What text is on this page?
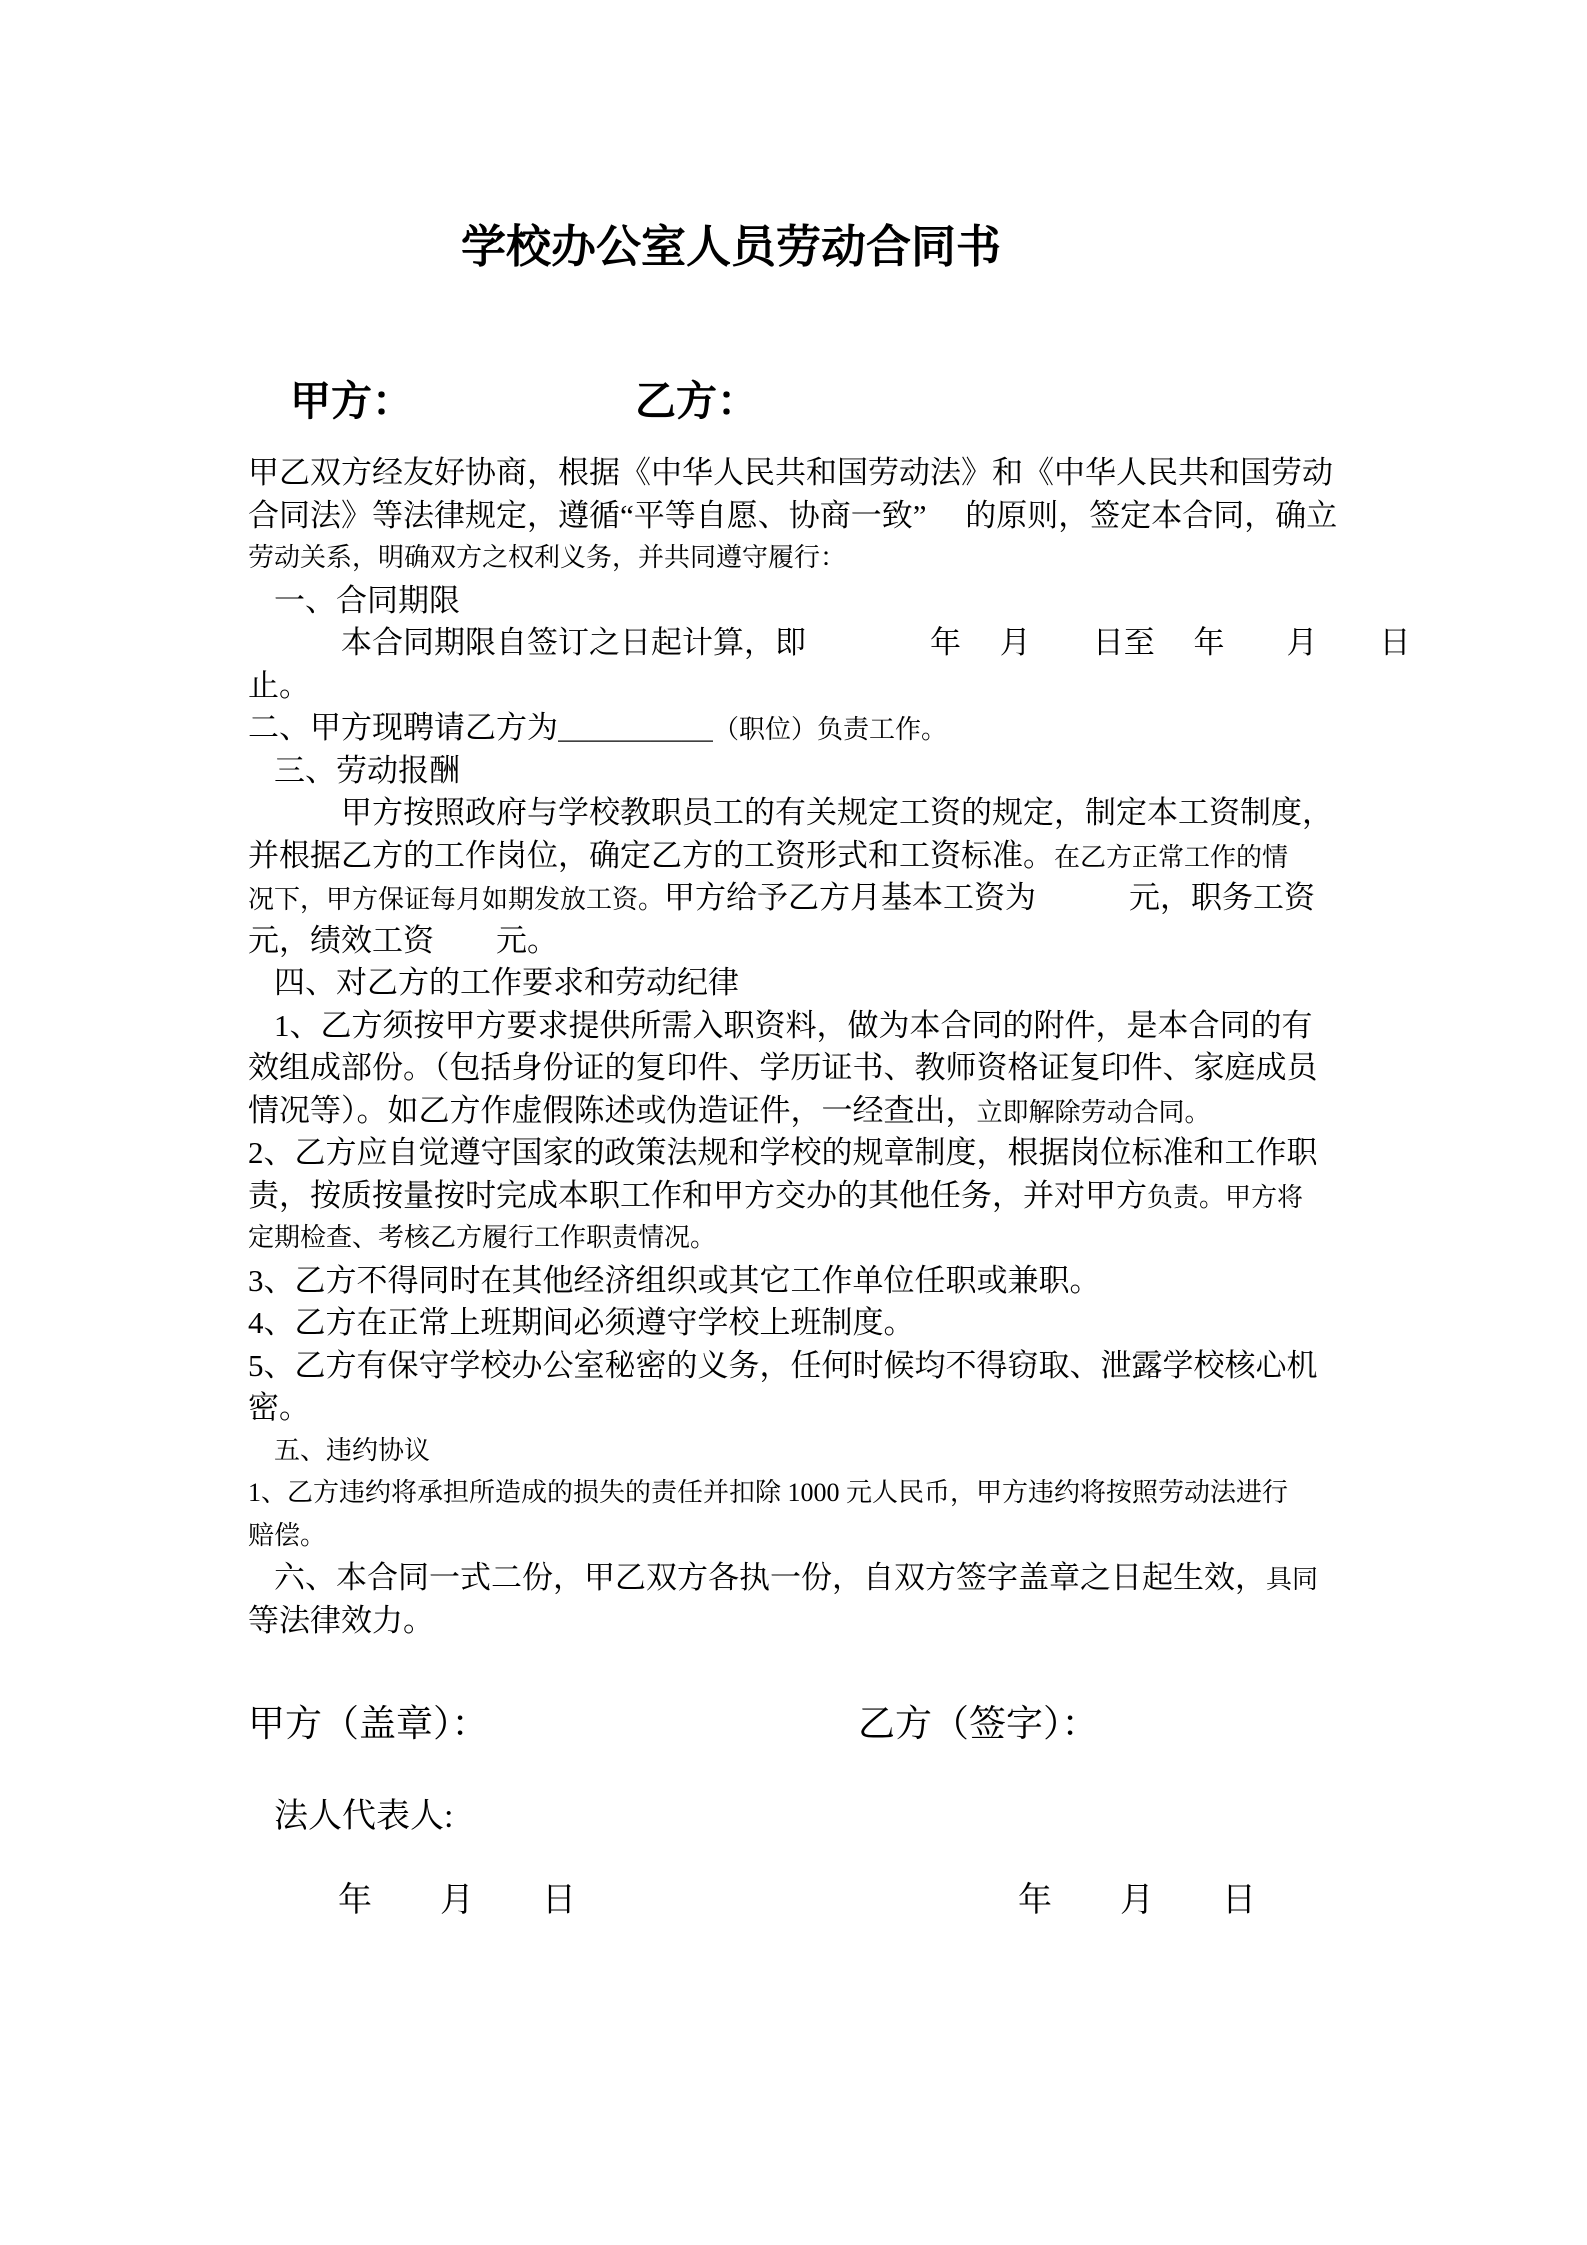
学校办公室人员劳动合同书
甲方：	乙方：
甲乙双方经友好协商，根据《中华人民共和国劳动法》和《中华人民共和国劳动
合同法》等法律规定，遵循“平等自愿、协商一致”　 的原则，签定本合同，确立
劳动关系，明确双方之权利义务，并共同遵守履行：
一、合同期限
本合同期限自签订之日起计算，即　　　　年　 月　　日至　 年　　月　　日
止。
二、甲方现聘请乙方为＿＿＿＿＿（职位）负责工作。
三、劳动报酬
甲方按照政府与学校教职员工的有关规定工资的规定，制定本工资制度，
并根据乙方的工作岗位，确定乙方的工资形式和工资标准。在乙方正常工作的情
况下，甲方保证每月如期发放工资。甲方给予乙方月基本工资为　　　元，职务工资
元，绩效工资　　元。
四、对乙方的工作要求和劳动纪律
1、乙方须按甲方要求提供所需入职资料，做为本合同的附件，是本合同的有
效组成部份。（包括身份证的复印件、学历证书、教师资格证复印件、家庭成员
情况等）。如乙方作虚假陈述或伪造证件，一经查出，立即解除劳动合同。
2、乙方应自觉遵守国家的政策法规和学校的规章制度，根据岗位标准和工作职
责，按质按量按时完成本职工作和甲方交办的其他任务，并对甲方负责。甲方将
定期检查、考核乙方履行工作职责情况。
3、乙方不得同时在其他经济组织或其它工作单位任职或兼职。
4、乙方在正常上班期间必须遵守学校上班制度。
5、乙方有保守学校办公室秘密的义务，任何时候均不得窃取、泄露学校核心机
密。
五、违约协议
1、乙方违约将承担所造成的损失的责任并扣除 1000 元人民币，甲方违约将按照劳动法进行
赔偿。
六、本合同一式二份，甲乙双方各执一份，自双方签字盖章之日起生效，具同
等法律效力。
甲方（盖章）：	乙方（签字）：
法人代表人:
年　　月　　日	年　　月　　日
